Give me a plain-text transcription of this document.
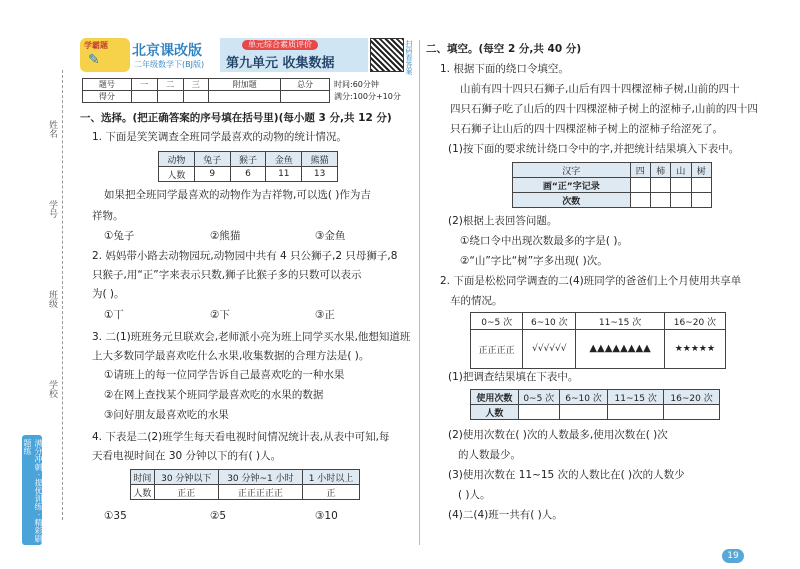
姓名
学号
班级
学校
满分冲刺 · 提优训练 · 精彩刷题练
学霸题
✎
北京课改版
二年级数学下(BJ版)
单元综合素质评价
第九单元 收集数据	扫码看答案
题号	一	二	三	附加题	总分
得分					
时间:60分钟
满分:100分+10分
一、选择。(把正确答案的序号填在括号里)(每小题 3 分,共 12 分)
1. 下面是笑笑调查全班同学最喜欢的动物的统计情况。
动物	兔子	猴子	金鱼	熊猫
人数	9	6	11	13
如果把全班同学最喜欢的动物作为吉祥物,可以选( )作为吉
祥物。
①兔子	②熊猫	③金鱼
2. 妈妈带小路去动物园玩,动物园中共有 4 只公狮子,2 只母狮子,8
只猴子,用“正”字来表示只数,狮子比猴子多的只数可以表示
为( )。
①丅	②下	③正
3. 二(1)班班务元旦联欢会,老师派小亮为班上同学买水果,他想知道班
上大多数同学最喜欢吃什么水果,收集数据的合理方法是( )。
①请班上的每一位同学告诉自己最喜欢吃的一种水果
②在网上查找某个班同学最喜欢吃的水果的数据
③问好朋友最喜欢吃的水果
4. 下表是二(2)班学生每天看电视时间情况统计表,从表中可知,每
天看电视时间在 30 分钟以下的有( )人。
时间	30 分钟以下	30 分钟~1 小时	1 小时以上
人数	正正	正正正正正	正
①35	②5	③10
二、填空。(每空 2 分,共 40 分)
1. 根据下面的绕口令填空。
山前有四十四只石狮子,山后有四十四棵涩柿子树,山前的四十
四只石狮子吃了山后的四十四棵涩柿子树上的涩柿子,山前的四十四
只石狮子让山后的四十四棵涩柿子树上的涩柿子给涩死了。
(1)按下面的要求统计绕口令中的字,并把统计结果填入下表中。
汉字	四	柿	山	树
画“正”字记录				
次数				
(2)根据上表回答问题。
①绕口令中出现次数最多的字是( )。
②“山”字比“树”字多出现( )次。
2. 下面是松松同学调查的二(4)班同学的爸爸们上个月使用共享单
车的情况。
0~5 次	6~10 次	11~15 次	16~20 次
正正正正	√√√√√√	▲▲▲▲▲▲▲▲	★★★★★
(1)把调查结果填在下表中。
使用次数	0~5 次	6~10 次	11~15 次	16~20 次
人数				
(2)使用次数在( )次的人数最多,使用次数在( )次
的人数最少。
(3)使用次数在 11~15 次的人数比在( )次的人数少
( )人。
(4)二(4)班一共有( )人。
19
